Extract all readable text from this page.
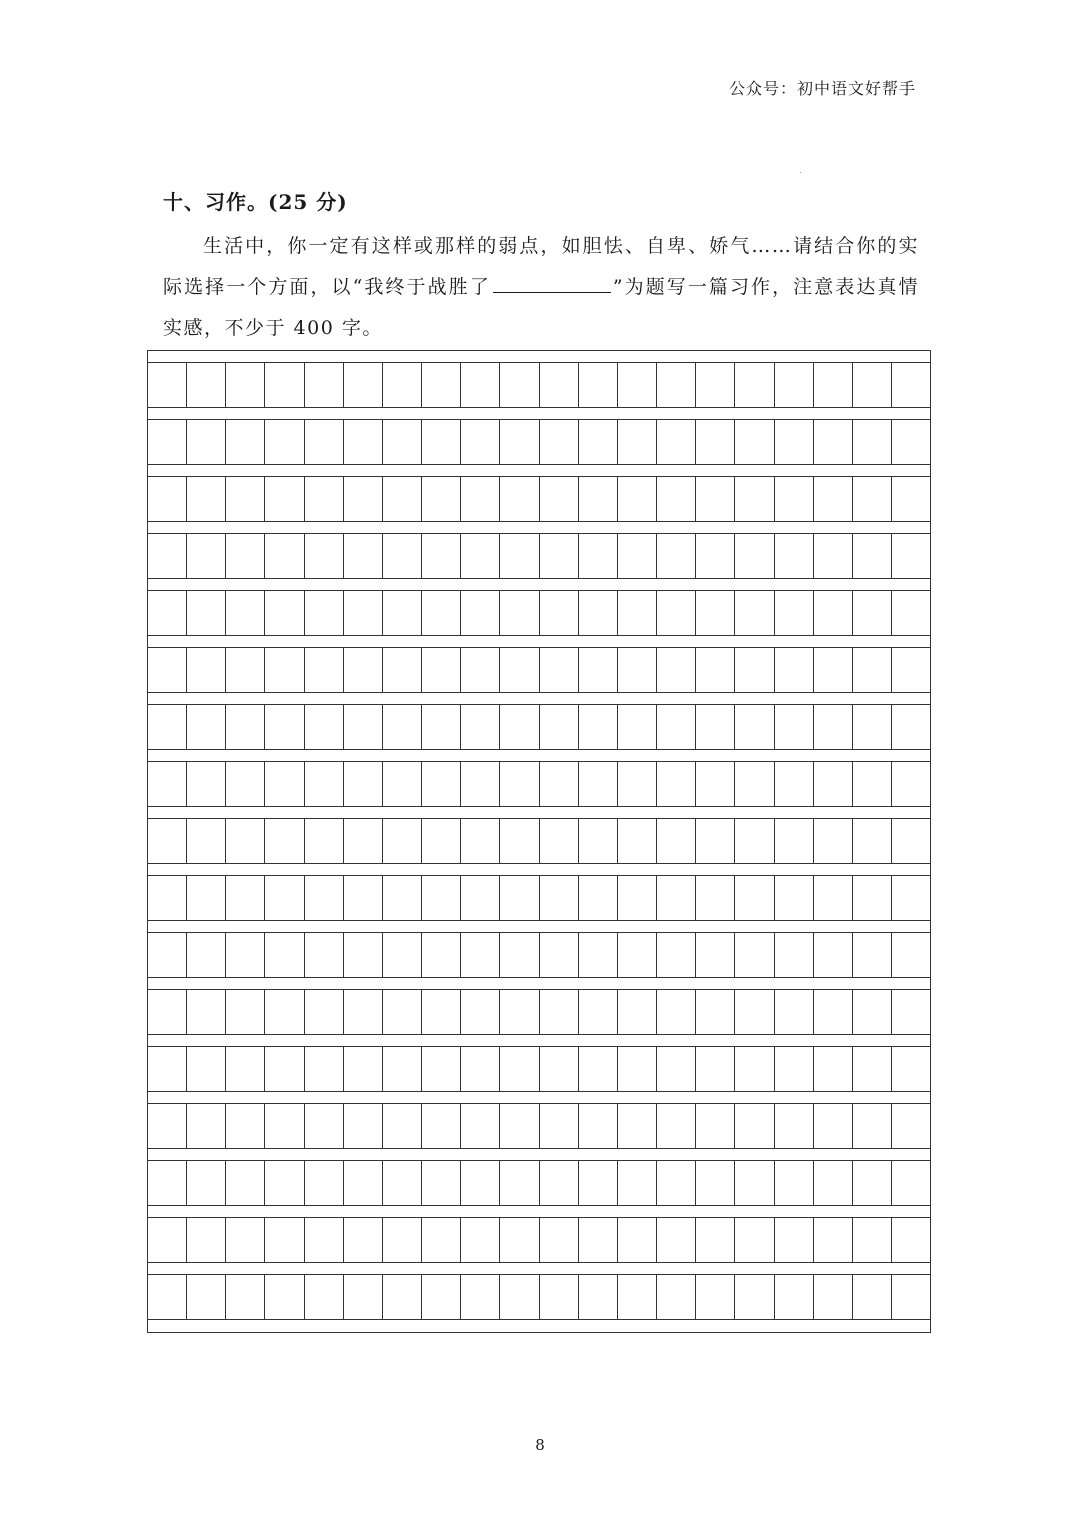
公众号：初中语文好帮手
十、习作。(25 分)
生活中，你一定有这样或那样的弱点，如胆怯、自卑、娇气……请结合你的实际选择一个方面，以“我终于战胜了	”为题写一篇习作，注意表达真情实感，不少于 400 字。
8
